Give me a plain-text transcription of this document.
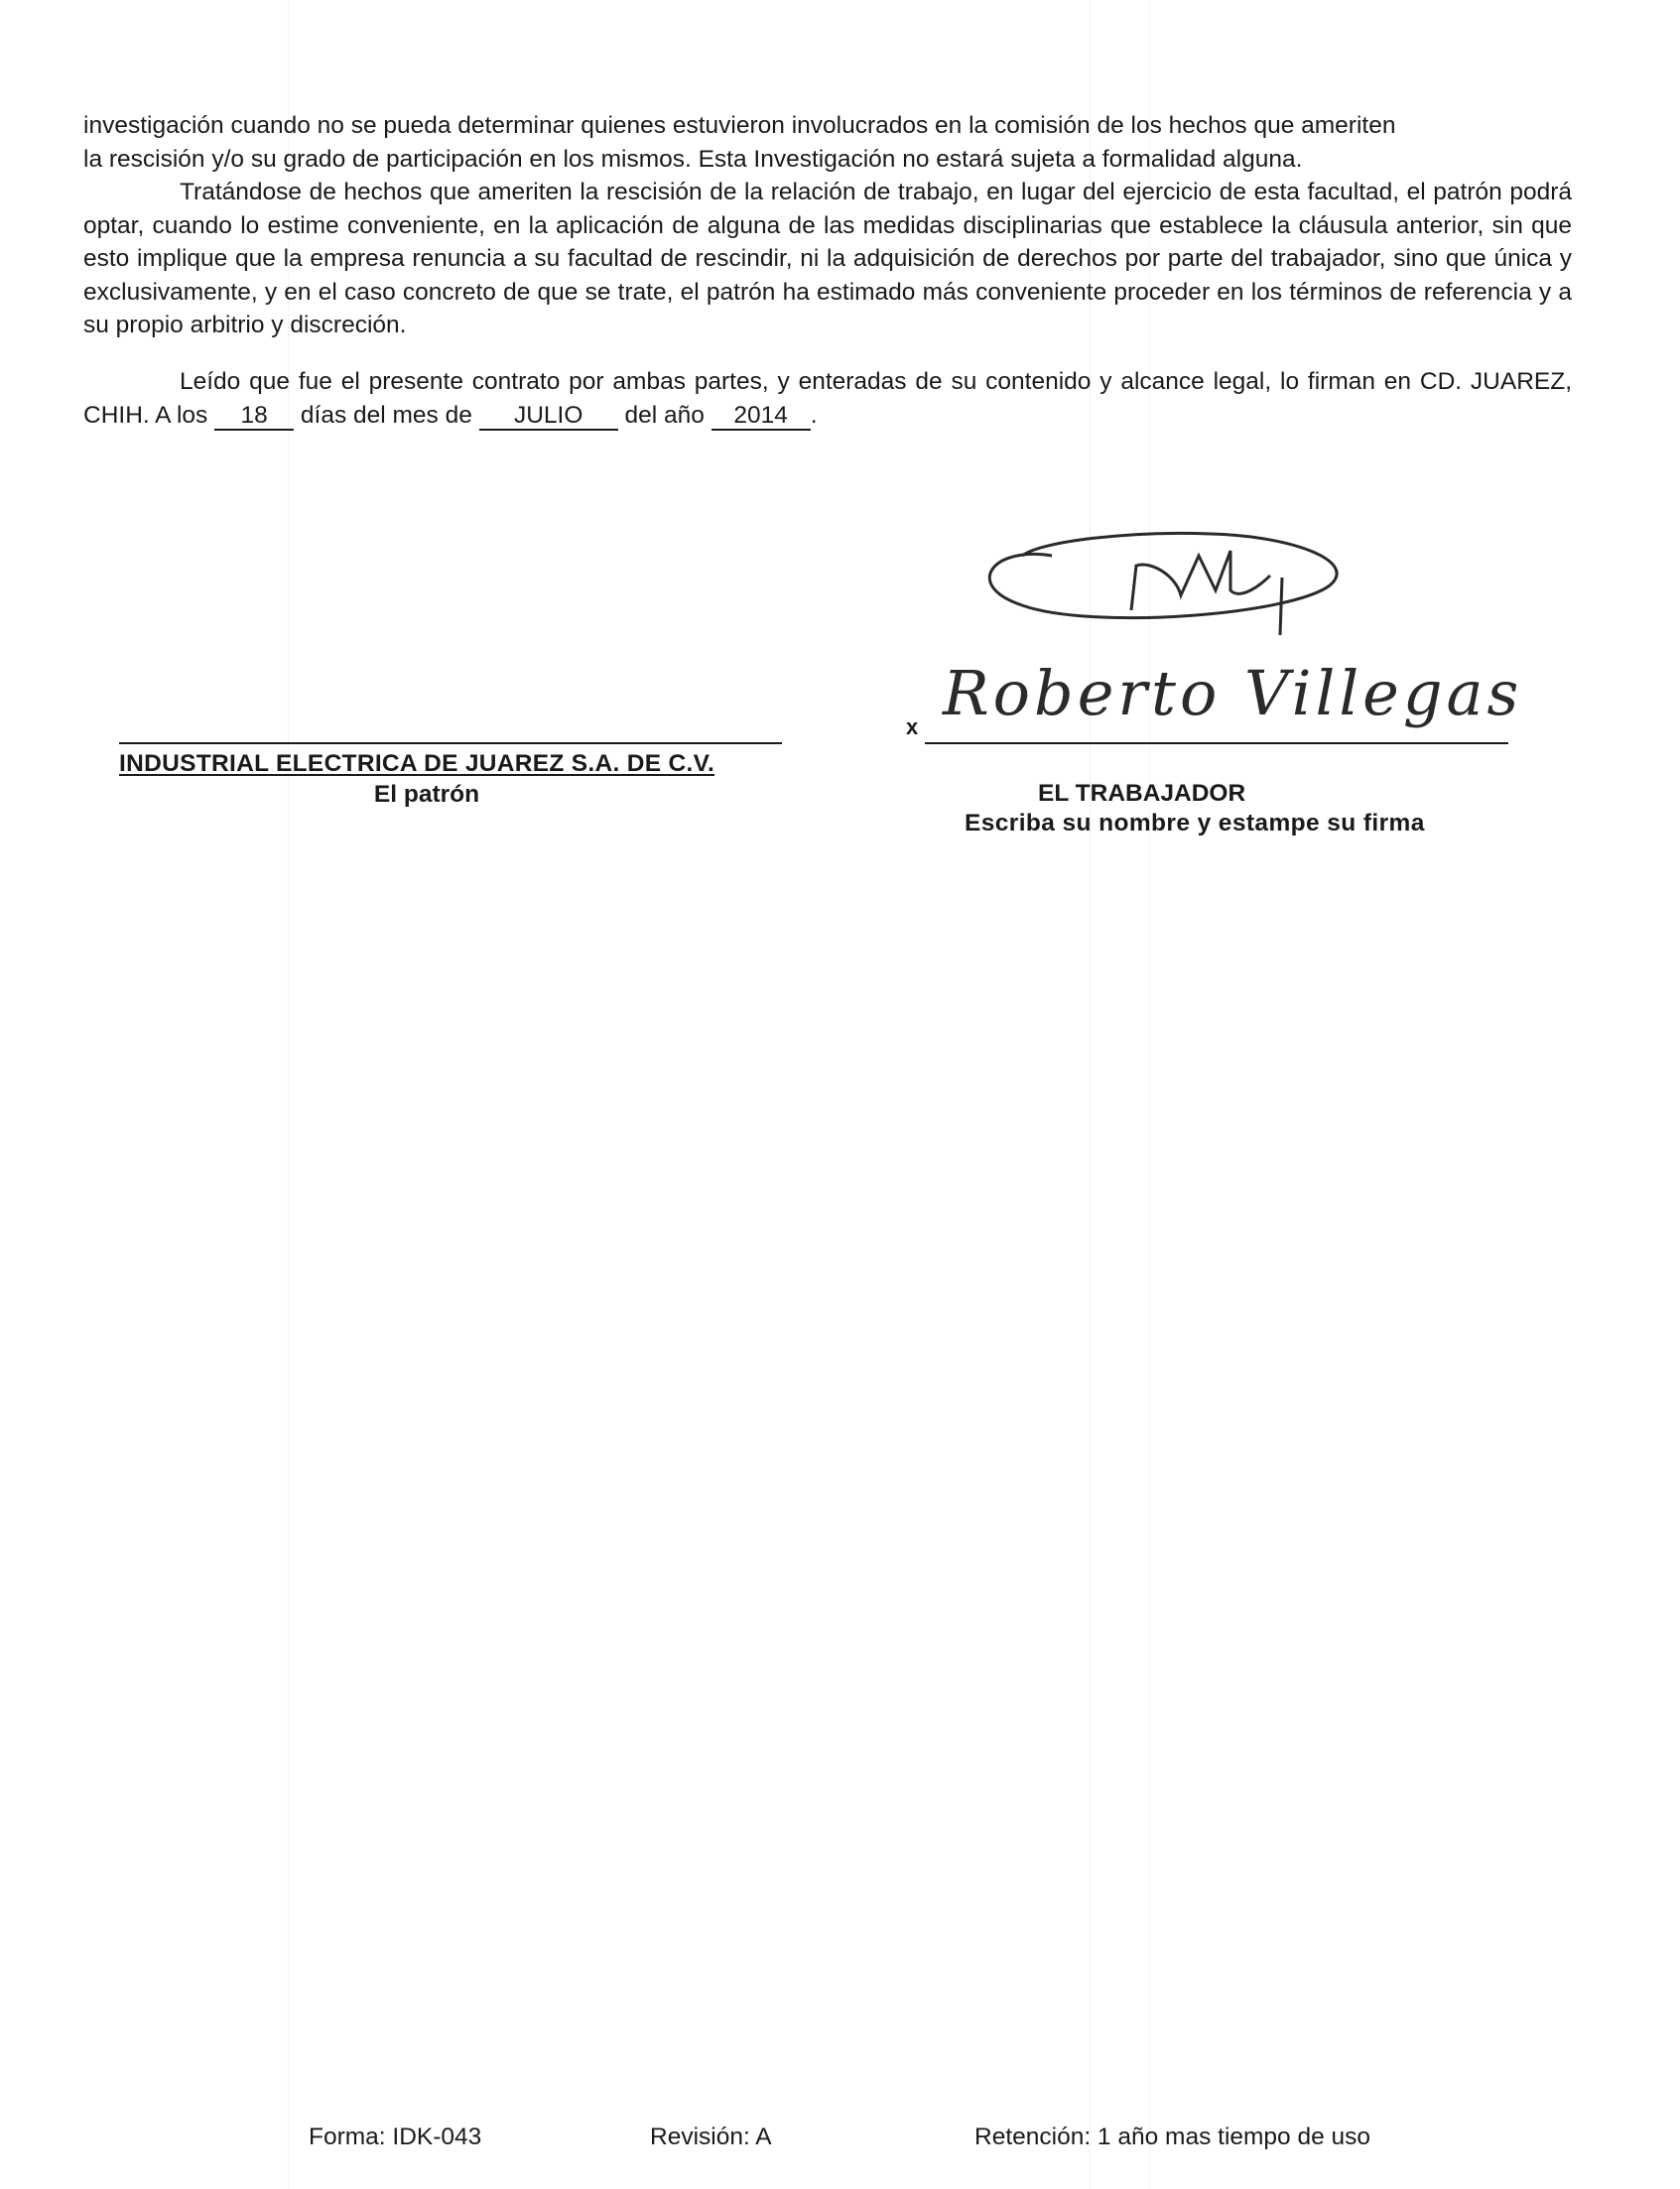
investigación cuando no se pueda determinar quienes estuvieron involucrados en la comisión de los hechos que ameriten
la rescisión y/o su grado de participación en los mismos. Esta Investigación no estará sujeta a formalidad alguna.
Tratándose de hechos que ameriten la rescisión de la relación de trabajo, en lugar del ejercicio de esta facultad, el patrón podrá optar, cuando lo estime conveniente, en la aplicación de alguna de las medidas disciplinarias que establece la cláusula anterior, sin que esto implique que la empresa renuncia a su facultad de rescindir, ni la adquisición de derechos por parte del trabajador, sino que única y exclusivamente, y en el caso concreto de que se trate, el patrón ha estimado más conveniente proceder en los términos de referencia y a su propio arbitrio y discreción.
Leído que fue el presente contrato por ambas partes, y enteradas de su contenido y alcance legal, lo firman en CD. JUAREZ, CHIH. A los 18 días del mes de JULIO del año 2014 .
Roberto Villegas
INDUSTRIAL ELECTRICA DE JUAREZ S.A. DE C.V.
El patrón
x
EL TRABAJADOR
Escriba su nombre y estampe su firma
Forma: IDK-043	Revisión: A	Retención: 1 año mas tiempo de uso
